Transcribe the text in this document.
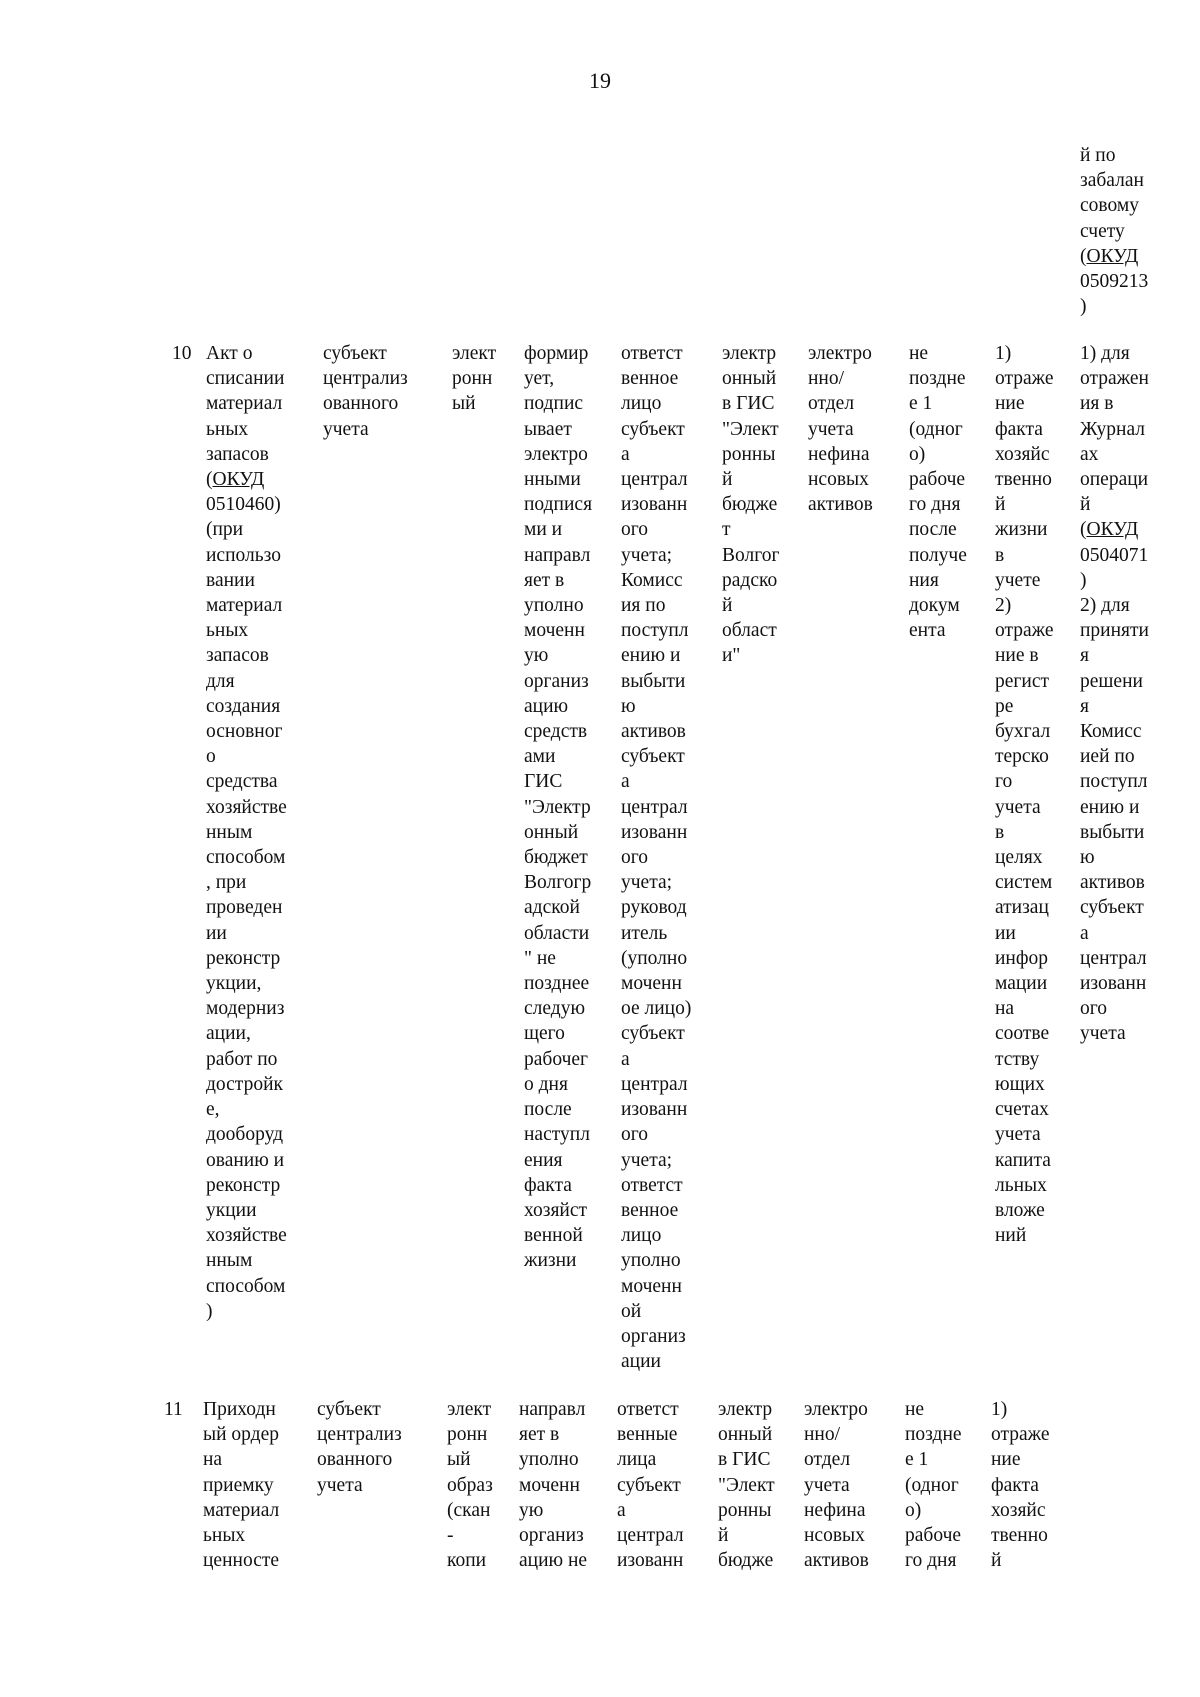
19
й по
забалан
совому
счету
(ОКУД
0509213
)
10 Акт о
списании
материал
ьных
запасов
(ОКУД
0510460)
(при
использо
вании
материал
ьных
запасов
для
создания
основног
о
средства
хозяйстве
нным
способом
, при
проведен
ии
реконстр
укции,
модерниз
ации,
работ по
достройк
е,
дооборуд
ованию и
реконстр
укции
хозяйстве
нным
способом
)
субъект
централиз
ованного
учета
элект
ронн
ый
формир
ует,
подпис
ывает
электро
нными
подпися
ми и
направл
яет в
уполно
моченн
ую
организ
ацию
средств
ами
ГИС
"Электр
онный
бюджет
Волгогр
адской
области
" не
позднее
следую
щего
рабочег
о дня
после
наступл
ения
факта
хозяйст
венной
жизни
ответст
венное
лицо
субъект
а
централ
изованн
ого
учета;
Комисс
ия по
поступл
ению и
выбыти
ю
активов
субъект
а
централ
изованн
ого
учета;
руковод
итель
(уполно
моченн
ое лицо)
субъект
а
централ
изованн
ого
учета;
ответст
венное
лицо
уполно
моченн
ой
организ
ации
электр
онный
в ГИС
"Элект
ронны
й
бюдже
т
Волгог
радско
й
област
и"
электро
нно/
отдел
учета
нефина
нсовых
активов
не
поздне
е 1
(одног
о)
рабоче
го дня
после
получе
ния
докум
ента
1)
отраже
ние
факта
хозяйс
твенно
й
жизни
в
учете
2)
отраже
ние в
регист
ре
бухгал
терско
го
учета
в
целях
систем
атизац
ии
инфор
мации
на
соотве
тству
ющих
счетах
учета
капита
льных
вложе
ний
1) для
отражен
ия в
Журнал
ах
операци
й
(ОКУД
0504071
)
2) для
приняти
я
решени
я
Комисс
ией по
поступл
ению и
выбыти
ю
активов
субъект
а
централ
изованн
ого
учета
11 Приходн
ый ордер
на
приемку
материал
ьных
ценносте
субъект
централиз
ованного
учета
элект
ронн
ый
образ
(скан
-
копи
направл
яет в
уполно
моченн
ую
организ
ацию не
ответст
венные
лица
субъект
а
централ
изованн
электр
онный
в ГИС
"Элект
ронны
й
бюдже
электро
нно/
отдел
учета
нефина
нсовых
активов
не
поздне
е 1
(одног
о)
рабоче
го дня
1)
отраже
ние
факта
хозяйс
твенно
й
